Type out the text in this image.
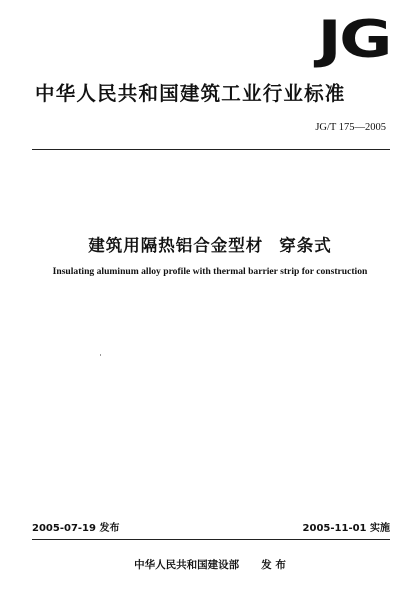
JG
中华人民共和国建筑工业行业标准
JG/T 175—2005
建筑用隔热铝合金型材 穿条式
Insulating aluminum alloy profile with thermal barrier strip for construction
2005-07-19 发布	2005-11-01 实施
中华人民共和国建设部 发 布
